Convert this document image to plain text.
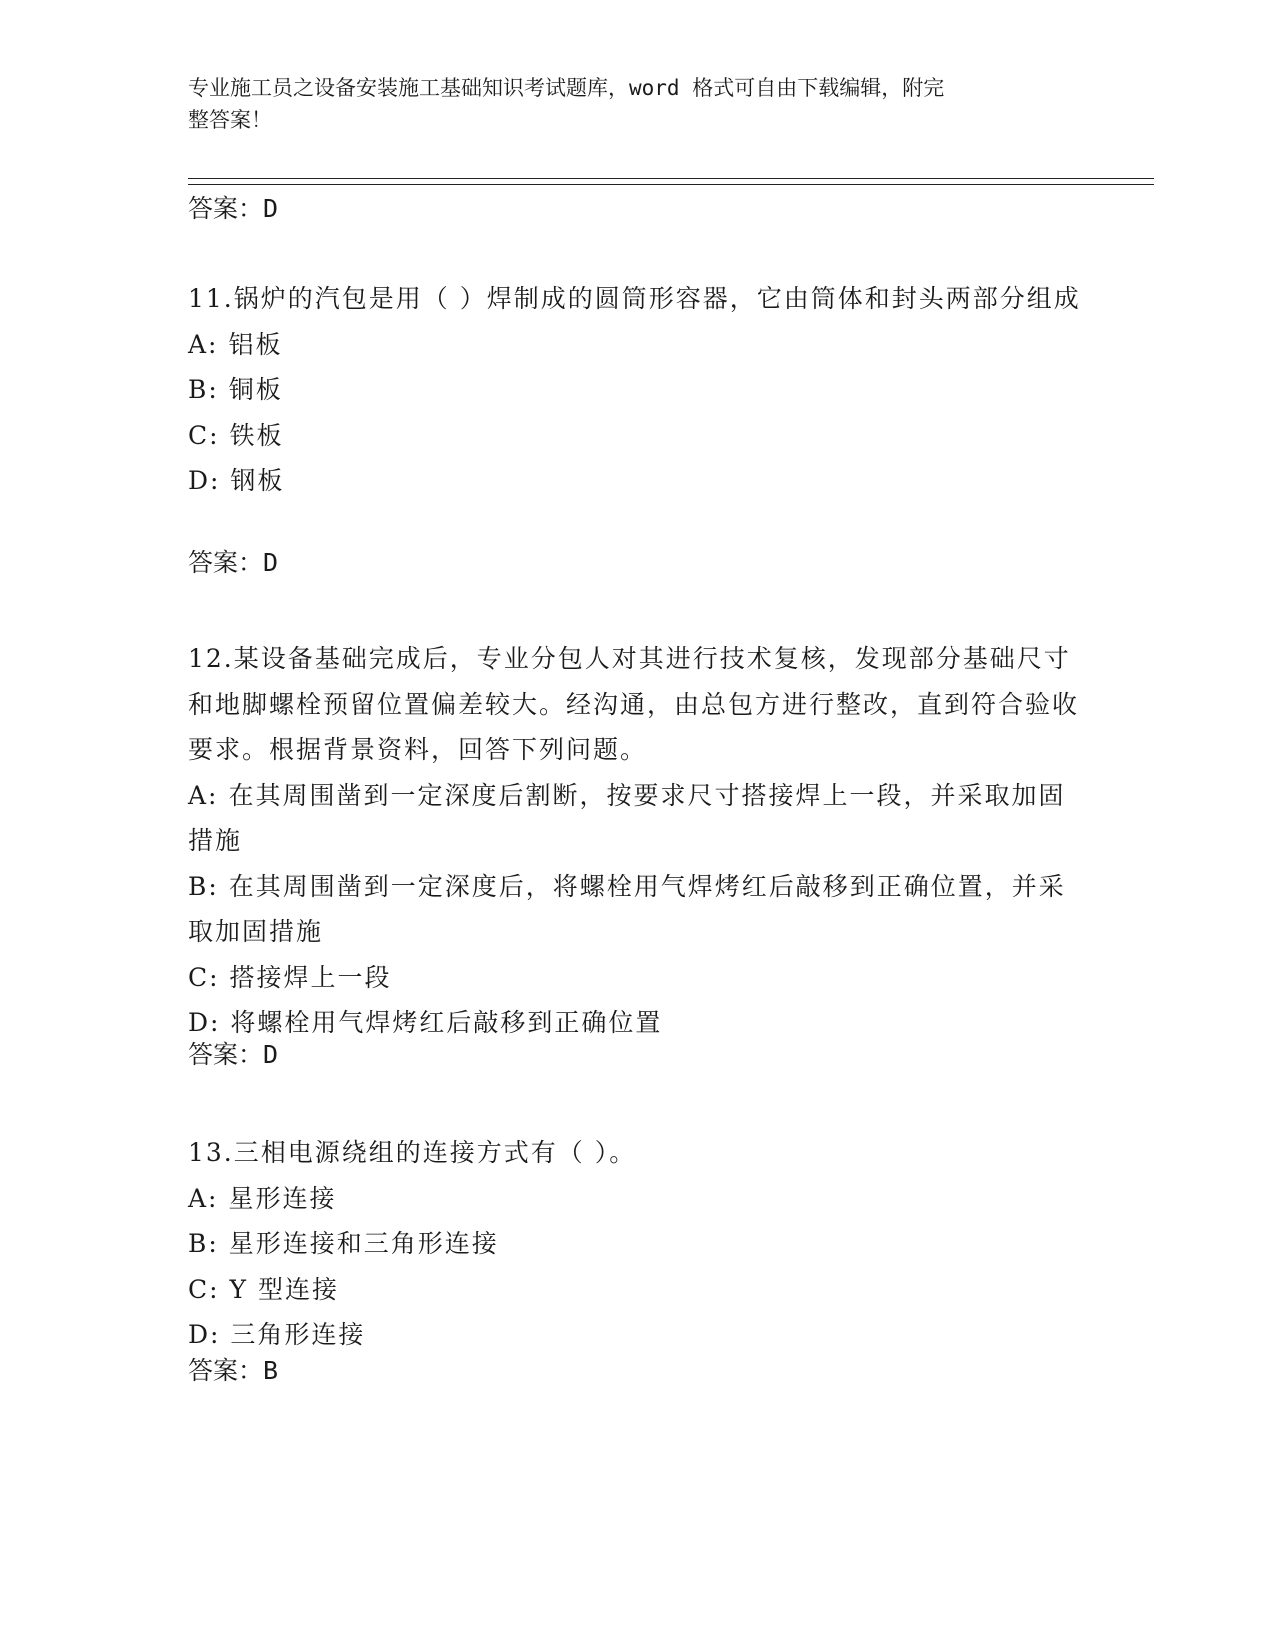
专业施工员之设备安装施工基础知识考试题库，word 格式可自由下载编辑，附完
整答案！
答案：D

11.锅炉的汽包是用（ ）焊制成的圆筒形容器，它由筒体和封头两部分组成

A: 铝板
B: 铜板
C: 铁板
D: 钢板
答案：D

12.某设备基础完成后，专业分包人对其进行技术复核，发现部分基础尺寸和地脚螺栓预留位置偏差较大。经沟通，由总包方进行整改，直到符合验收要求。根据背景资料，回答下列问题。

A: 在其周围凿到一定深度后割断，按要求尺寸搭接焊上一段，并采取加固措施
B: 在其周围凿到一定深度后，将螺栓用气焊烤红后敲移到正确位置，并采取加固措施
C: 搭接焊上一段
D: 将螺栓用气焊烤红后敲移到正确位置
答案：D

13.三相电源绕组的连接方式有（ ）。

A: 星形连接
B: 星形连接和三角形连接
C: Y 型连接
D: 三角形连接
答案：B
